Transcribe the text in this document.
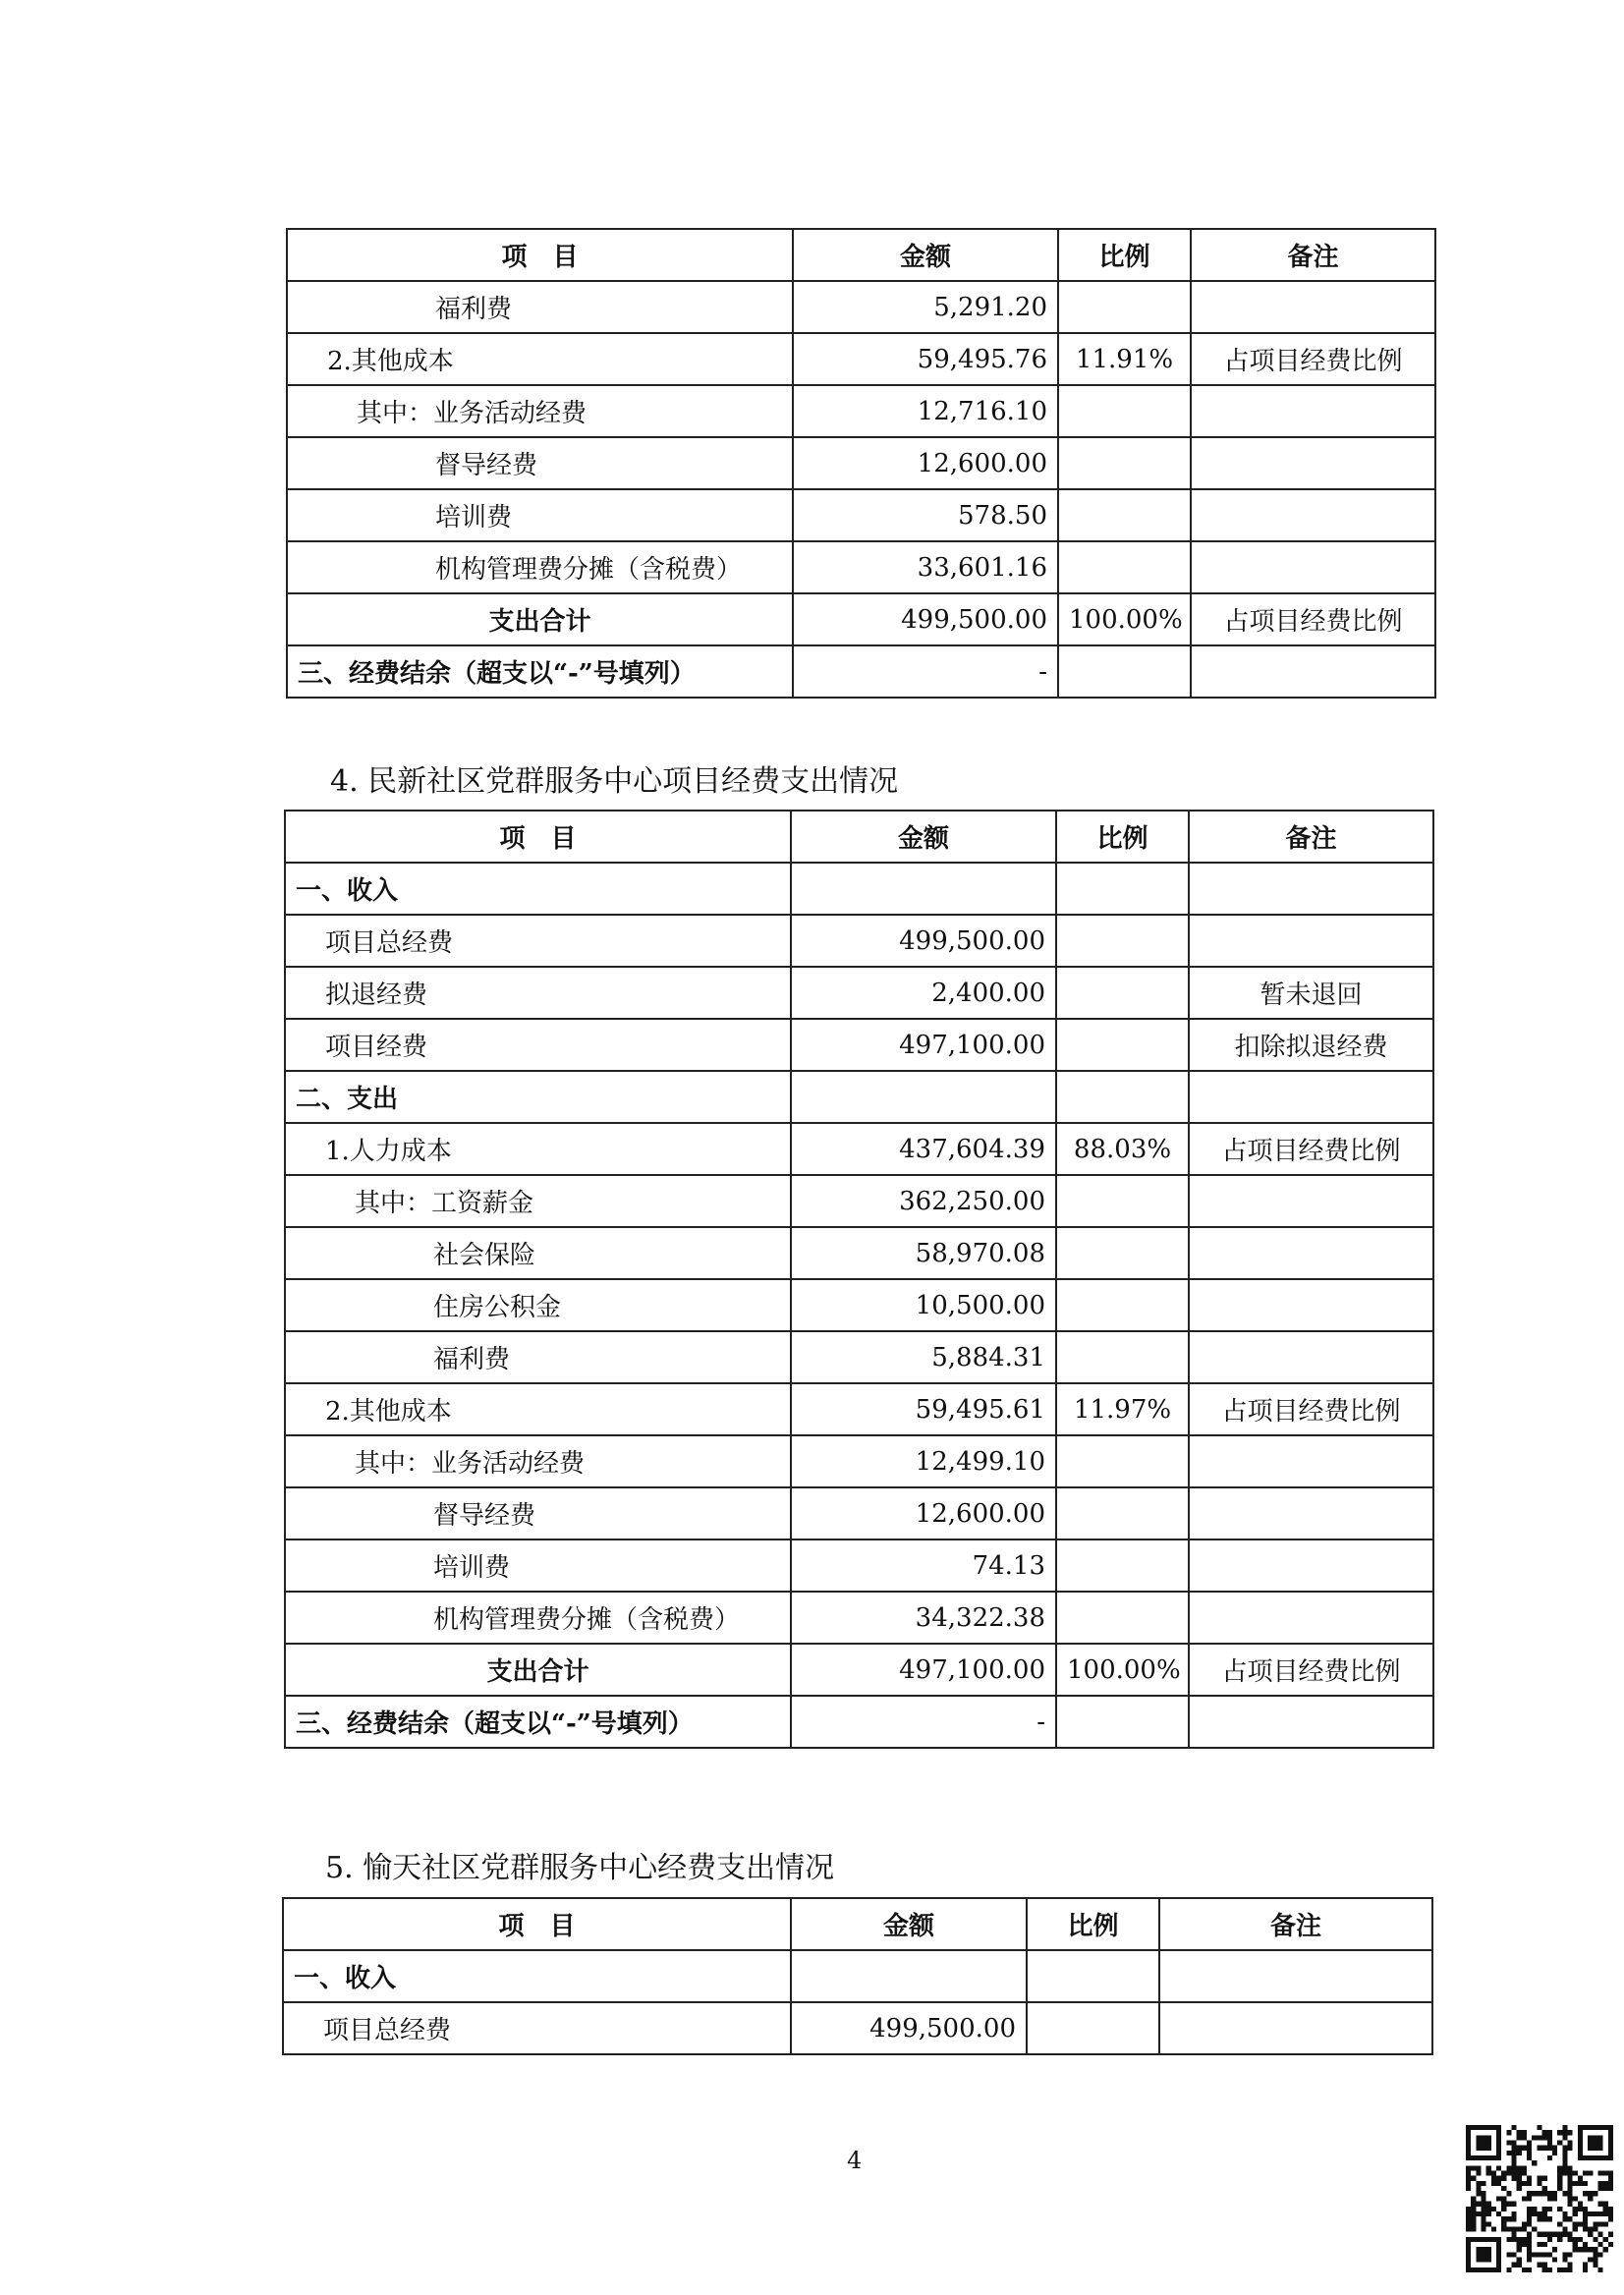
项　目	金额	比例	备注
福利费	5,291.20		
2.其他成本	59,495.76	11.91%	占项目经费比例
其中：业务活动经费	12,716.10		
督导经费	12,600.00		
培训费	578.50		
机构管理费分摊（含税费）	33,601.16		
支出合计	499,500.00	100.00%	占项目经费比例
三、经费结余（超支以“-”号填列）	-		
4. 民新社区党群服务中心项目经费支出情况
项　目	金额	比例	备注
一、收入			
项目总经费	499,500.00		
拟退经费	2,400.00		暂未退回
项目经费	497,100.00		扣除拟退经费
二、支出			
1.人力成本	437,604.39	88.03%	占项目经费比例
其中：工资薪金	362,250.00		
社会保险	58,970.08		
住房公积金	10,500.00		
福利费	5,884.31		
2.其他成本	59,495.61	11.97%	占项目经费比例
其中：业务活动经费	12,499.10		
督导经费	12,600.00		
培训费	74.13		
机构管理费分摊（含税费）	34,322.38		
支出合计	497,100.00	100.00%	占项目经费比例
三、经费结余（超支以“-”号填列）	-		
5. 愉天社区党群服务中心经费支出情况
项　目	金额	比例	备注
一、收入			
项目总经费	499,500.00		
4
